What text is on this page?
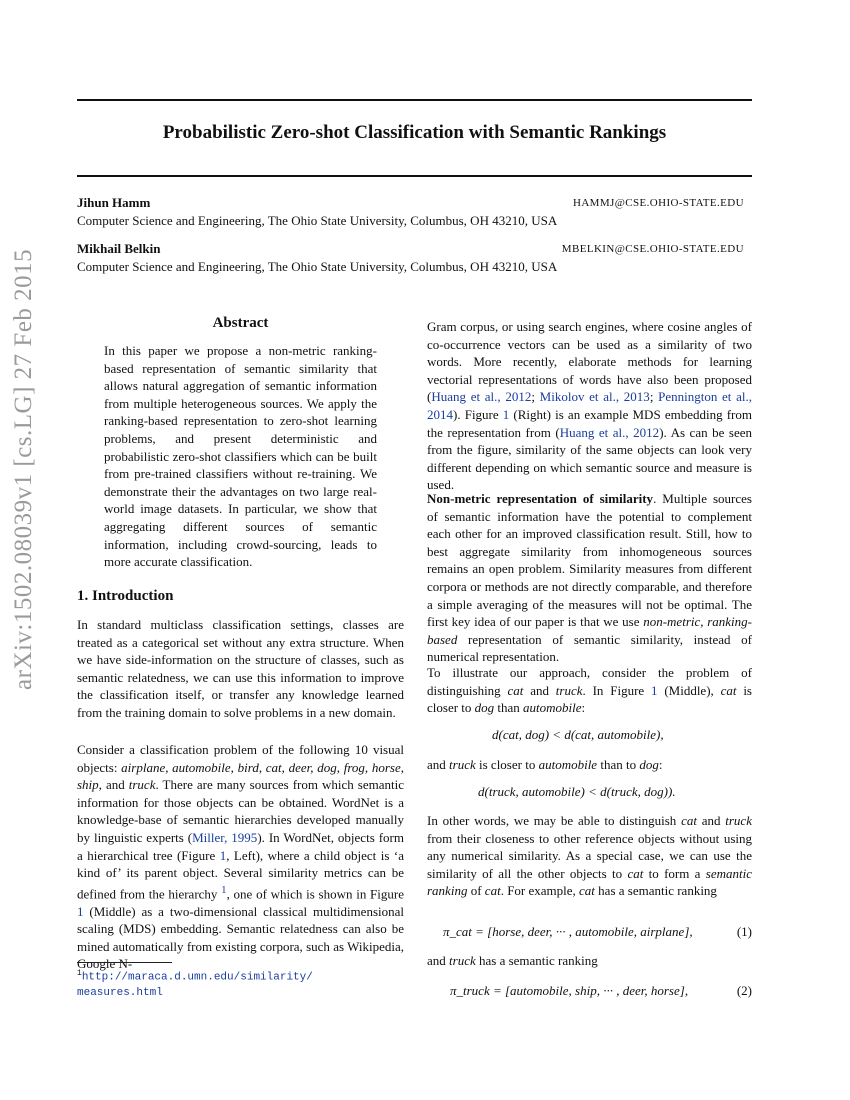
Probabilistic Zero-shot Classification with Semantic Rankings
Jihun Hamm	HAMMJ@CSE.OHIO-STATE.EDU
Computer Science and Engineering, The Ohio State University, Columbus, OH 43210, USA
Mikhail Belkin	MBELKIN@CSE.OHIO-STATE.EDU
Computer Science and Engineering, The Ohio State University, Columbus, OH 43210, USA
arXiv:1502.08039v1 [cs.LG] 27 Feb 2015	Abstract
In this paper we propose a non-metric ranking-based representation of semantic similarity that allows natural aggregation of semantic information from multiple heterogeneous sources. We apply the ranking-based representation to zero-shot learning problems, and present deterministic and probabilistic zero-shot classifiers which can be built from pre-trained classifiers without re-training. We demonstrate their the advantages on two large real-world image datasets. In particular, we show that aggregating different sources of semantic information, including crowd-sourcing, leads to more accurate classification.
1. Introduction

In standard multiclass classification settings, classes are treated as a categorical set without any extra structure. When we have side-information on the structure of classes, such as semantic relatedness, we can use this information to improve the classification itself, or transfer any knowledge learned from the training domain to solve problems in a new domain.

Consider a classification problem of the following 10 visual objects: airplane, automobile, bird, cat, deer, dog, frog, horse, ship, and truck. There are many sources from which semantic information for those objects can be obtained. WordNet is a knowledge-base of semantic hierarchies developed manually by linguistic experts (Miller, 1995). In WordNet, objects form a hierarchical tree (Figure 1, Left), where a child object is ‘a kind of’ its parent object. Several similarity metrics can be defined from the hierarchy $^1$, one of which is shown in Figure 1 (Middle) as a two-dimensional classical multidimensional scaling (MDS) embedding. Semantic relatedness can also be mined automatically from existing corpora, such as Wikipedia, Google N-

$^1$http://maraca.d.umn.edu/similarity/
measures.html

Gram corpus, or using search engines, where cosine angles of co-occurrence vectors can be used as a similarity of two words. More recently, elaborate methods for learning vectorial representations of words have also been proposed (Huang et al., 2012; Mikolov et al., 2013; Pennington et al., 2014). Figure 1 (Right) is an example MDS embedding from the representation from (Huang et al., 2012). As can be seen from the figure, similarity of the same objects can look very different depending on which semantic source and measure is used.

Non-metric representation of similarity. Multiple sources of semantic information have the potential to complement each other for an improved classification result. Still, how to best aggregate similarity from inhomogeneous sources remains an open problem. Similarity measures from different corpora or methods are not directly comparable, and therefore a simple averaging of the measures will not be optimal. The first key idea of our paper is that we use non-metric, ranking-based representation of semantic similarity, instead of numerical representation.

To illustrate our approach, consider the problem of distinguishing cat and truck. In Figure 1 (Middle), cat is closer to dog than automobile:

d(cat, dog) < d(cat, automobile),

and truck is closer to automobile than to dog:

d(truck, automobile) < d(truck, dog)).

In other words, we may be able to distinguish cat and truck from their closeness to other reference objects without using any numerical similarity. As a special case, we can use the similarity of all the other objects to cat to form a semantic ranking of cat. For example, cat has a semantic ranking

π_cat = [horse, deer, ··· , automobile, airplane],	(1)

and truck has a semantic ranking

π_truck = [automobile, ship, ··· , deer, horse],	(2)
